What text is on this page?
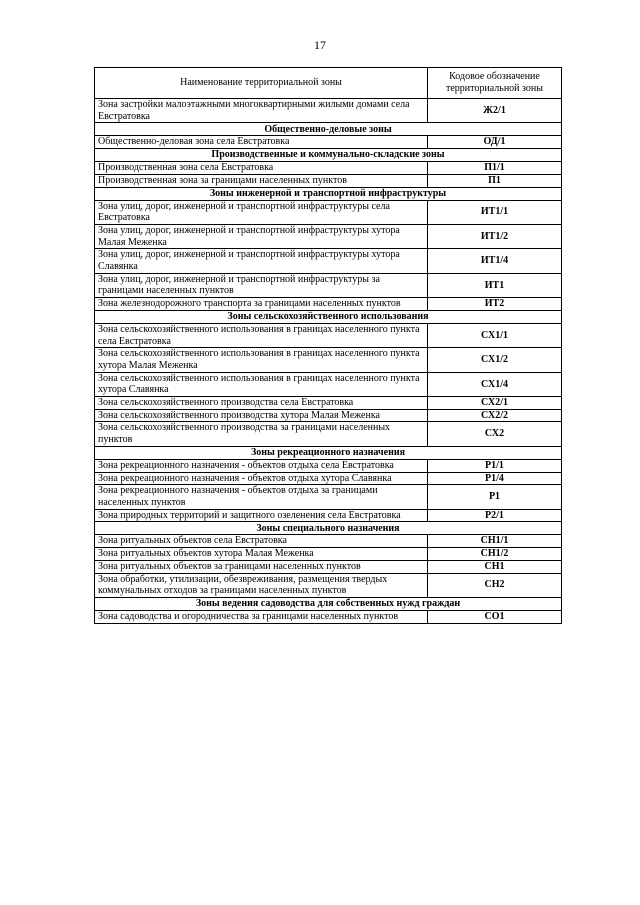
17
Наименование территориальной зоны	Кодовое обозначение территориальной зоны
Зона застройки малоэтажными многоквартирными жилыми домами села Евстратовка	Ж2/1
Общественно-деловые зоны	
Общественно-деловая зона села Евстратовка	ОД/1
Производственные и коммунально-складские зоны	
Производственная зона села Евстратовка	П1/1
Производственная зона за границами населенных пунктов	П1
Зоны инженерной и транспортной инфраструктуры	
Зона улиц, дорог, инженерной и транспортной инфраструктуры села Евстратовка	ИТ1/1
Зона улиц, дорог, инженерной и транспортной инфраструктуры хутора Малая Меженка	ИТ1/2
Зона улиц, дорог, инженерной и транспортной инфраструктуры хутора Славянка	ИТ1/4
Зона улиц, дорог, инженерной и транспортной инфраструктуры за границами населенных пунктов	ИТ1
Зона железнодорожного транспорта за границами населенных пунктов	ИТ2
Зоны сельскохозяйственного использования	
Зона сельскохозяйственного использования в границах населенного пункта села Евстратовка	СХ1/1
Зона сельскохозяйственного использования в границах населенного пункта хутора Малая Меженка	СХ1/2
Зона сельскохозяйственного использования в границах населенного пункта хутора Славянка	СХ1/4
Зона сельскохозяйственного производства села Евстратовка	СХ2/1
Зона сельскохозяйственного производства хутора Малая Меженка	СХ2/2
Зона сельскохозяйственного производства за границами населенных пунктов	СХ2
Зоны рекреационного назначения	
Зона рекреационного назначения - объектов отдыха села Евстратовка	Р1/1
Зона рекреационного назначения - объектов отдыха хутора Славянка	Р1/4
Зона рекреационного назначения - объектов отдыха за границами населенных пунктов	Р1
Зона природных территорий и защитного озеленения села Евстратовка	Р2/1
Зоны специального назначения	
Зона ритуальных объектов села Евстратовка	СН1/1
Зона ритуальных объектов хутора Малая Меженка	СН1/2
Зона ритуальных объектов за границами населенных пунктов	СН1
Зона обработки, утилизации, обезвреживания, размещения твердых коммунальных отходов за границами населенных пунктов	СН2
Зоны ведения садоводства для собственных нужд граждан	
Зона садоводства и огородничества за границами населенных пунктов	СО1
